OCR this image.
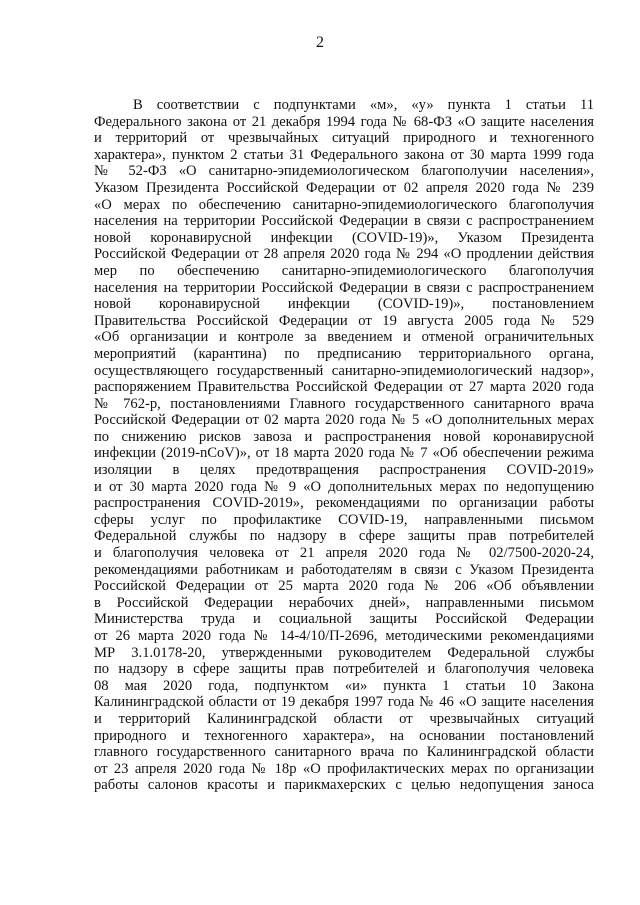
2
В соответствии с подпунктами «м», «у» пункта 1 статьи 11
Федерального закона от 21 декабря 1994 года № 68-ФЗ «О защите населения
и территорий от чрезвычайных ситуаций природного и техногенного
характера», пунктом 2 статьи 31 Федерального закона от 30 марта 1999 года
№ 52-ФЗ «О санитарно-эпидемиологическом благополучии населения»,
Указом Президента Российской Федерации от 02 апреля 2020 года № 239
«О мерах по обеспечению санитарно-эпидемиологического благополучия
населения на территории Российской Федерации в связи с распространением
новой коронавирусной инфекции (COVID-19)», Указом Президента
Российской Федерации от 28 апреля 2020 года № 294 «О продлении действия
мер по обеспечению санитарно-эпидемиологического благополучия
населения на территории Российской Федерации в связи с распространением
новой коронавирусной инфекции (COVID-19)», постановлением
Правительства Российской Федерации от 19 августа 2005 года № 529
«Об организации и контроле за введением и отменой ограничительных
мероприятий (карантина) по предписанию территориального органа,
осуществляющего государственный санитарно-эпидемиологический надзор»,
распоряжением Правительства Российской Федерации от 27 марта 2020 года
№ 762-р, постановлениями Главного государственного санитарного врача
Российской Федерации от 02 марта 2020 года № 5 «О дополнительных мерах
по снижению рисков завоза и распространения новой коронавирусной
инфекции (2019-nCoV)», от 18 марта 2020 года № 7 «Об обеспечении режима
изоляции в целях предотвращения распространения COVID-2019»
и от 30 марта 2020 года № 9 «О дополнительных мерах по недопущению
распространения COVID-2019», рекомендациями по организации работы
сферы услуг по профилактике COVID-19, направленными письмом
Федеральной службы по надзору в сфере защиты прав потребителей
и благополучия человека от 21 апреля 2020 года № 02/7500-2020-24,
рекомендациями работникам и работодателям в связи с Указом Президента
Российской Федерации от 25 марта 2020 года № 206 «Об объявлении
в Российской Федерации нерабочих дней», направленными письмом
Министерства труда и социальной защиты Российской Федерации
от 26 марта 2020 года № 14-4/10/П-2696, методическими рекомендациями
МР 3.1.0178-20, утвержденными руководителем Федеральной службы
по надзору в сфере защиты прав потребителей и благополучия человека
08 мая 2020 года, подпунктом «и» пункта 1 статьи 10 Закона
Калининградской области от 19 декабря 1997 года № 46 «О защите населения
и территорий Калининградской области от чрезвычайных ситуаций
природного и техногенного характера», на основании постановлений
главного государственного санитарного врача по Калининградской области
от 23 апреля 2020 года № 18р «О профилактических мерах по организации
работы салонов красоты и парикмахерских с целью недопущения заноса
